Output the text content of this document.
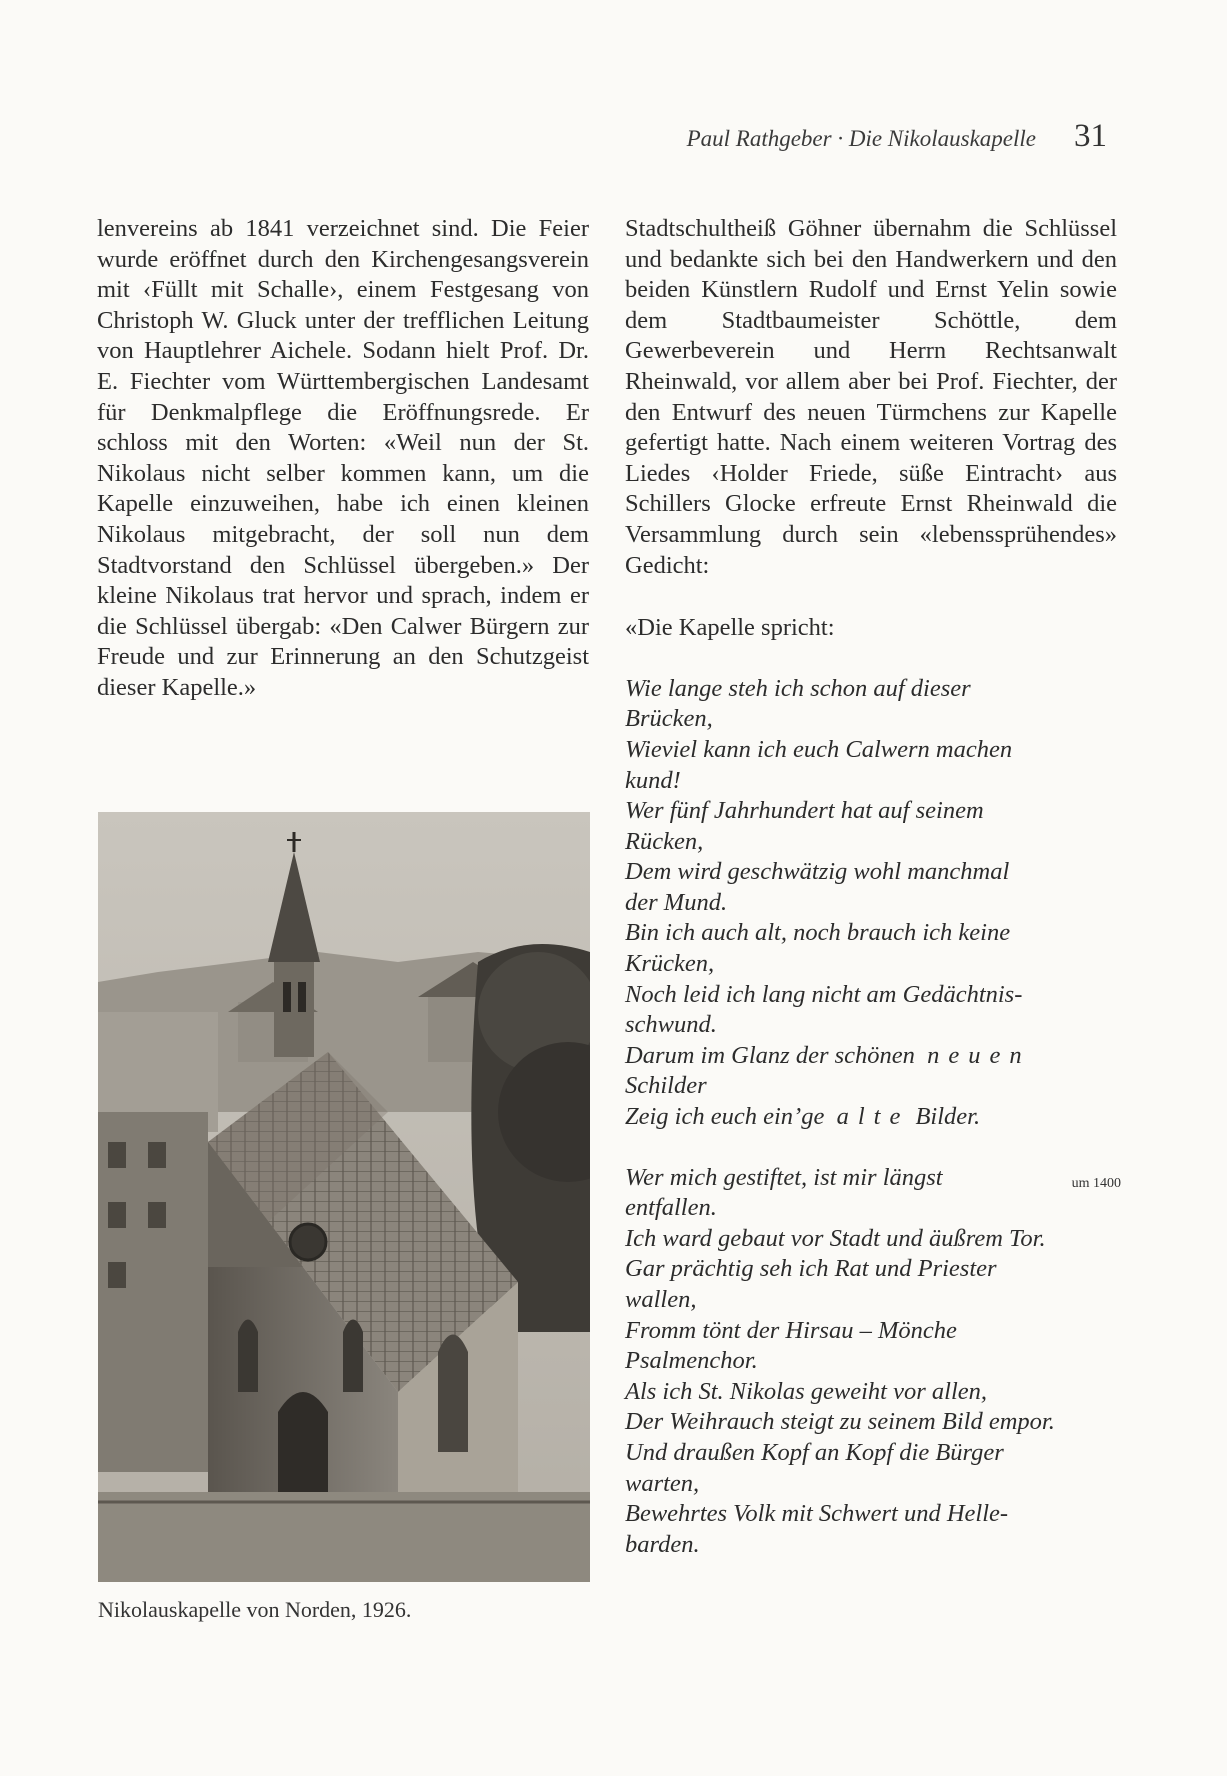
Paul Rathgeber · Die Nikolauskapelle 31

lenvereins ab 1841 verzeichnet sind. Die Feier wurde eröffnet durch den Kirchengesangsverein mit ‹Füllt mit Schalle›, einem Festgesang von Christoph W. Gluck unter der trefflichen Leitung von Hauptlehrer Aichele. Sodann hielt Prof. Dr. E. Fiechter vom Württembergischen Landesamt für Denkmalpflege die Eröffnungsrede. Er schloss mit den Worten: «Weil nun der St. Nikolaus nicht selber kommen kann, um die Kapelle einzuweihen, habe ich einen kleinen Nikolaus mitgebracht, der soll nun dem Stadtvorstand den Schlüssel übergeben.» Der kleine Nikolaus trat hervor und sprach, indem er die Schlüssel übergab: «Den Calwer Bürgern zur Freude und zur Erinnerung an den Schutzgeist dieser Kapelle.»

Nikolauskapelle von Norden, 1926.

Stadtschultheiß Göhner übernahm die Schlüssel und bedankte sich bei den Handwerkern und den beiden Künstlern Rudolf und Ernst Yelin sowie dem Stadtbaumeister Schöttle, dem Gewerbeverein und Herrn Rechtsanwalt Rheinwald, vor allem aber bei Prof. Fiechter, der den Entwurf des neuen Türmchens zur Kapelle gefertigt hatte. Nach einem weiteren Vortrag des Liedes ‹Holder Friede, süße Eintracht› aus Schillers Glocke erfreute Ernst Rheinwald die Versammlung durch sein «lebenssprühendes» Gedicht:

«Die Kapelle spricht:

Wie lange steh ich schon auf dieser
Brücken,
Wieviel kann ich euch Calwern machen
kund!
Wer fünf Jahrhundert hat auf seinem
Rücken,
Dem wird geschwätzig wohl manchmal
der Mund.
Bin ich auch alt, noch brauch ich keine
Krücken,
Noch leid ich lang nicht am Gedächtnis-
schwund.
Darum im Glanz der schönen neuen
Schilder
Zeig ich euch ein’ge alte Bilder.
um 1400
Wer mich gestiftet, ist mir längst
entfallen.
Ich ward gebaut vor Stadt und äußrem Tor.
Gar prächtig seh ich Rat und Priester
wallen,
Fromm tönt der Hirsau – Mönche
Psalmenchor.
Als ich St. Nikolas geweiht vor allen,
Der Weihrauch steigt zu seinem Bild empor.
Und draußen Kopf an Kopf die Bürger
warten,
Bewehrtes Volk mit Schwert und Helle-
barden.
